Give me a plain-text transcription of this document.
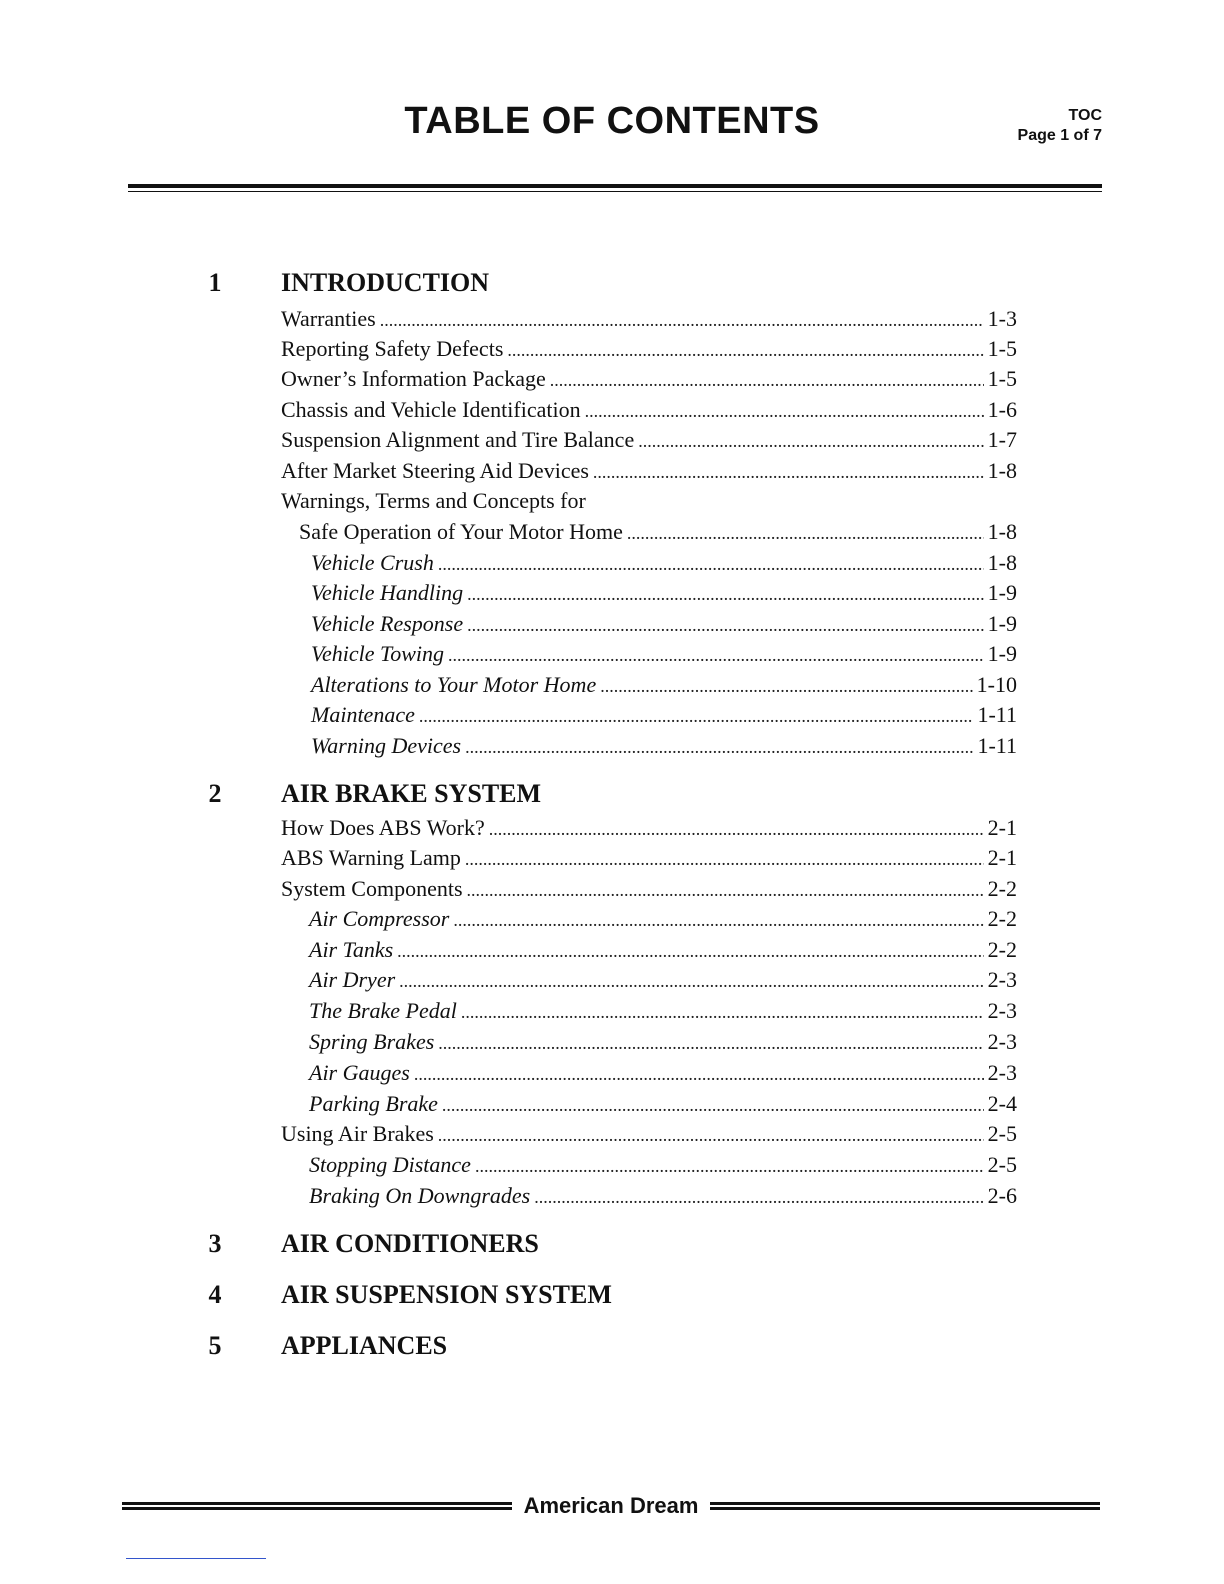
TABLE OF CONTENTS	TOC
Page 1 of 7
1	INTRODUCTION
Warranties .....	1-3
Reporting Safety Defects .....	1-5
Owner’s Information Package .....	1-5
Chassis and Vehicle Identification .....	1-6
Suspension Alignment and Tire Balance .....	1-7
After Market Steering Aid Devices .....	1-8
Warnings, Terms and Concepts for
Safe Operation of Your Motor Home .....	1-8
Vehicle Crush .....	1-8
Vehicle Handling .....	1-9
Vehicle Response .....	1-9
Vehicle Towing .....	1-9
Alterations to Your Motor Home .....	1-10
Maintenace .....	1-11
Warning Devices .....	1-11
2	AIR BRAKE SYSTEM
How Does ABS Work? .....	2-1
ABS Warning Lamp .....	2-1
System Components .....	2-2
Air Compressor .....	2-2
Air Tanks .....	2-2
Air Dryer .....	2-3
The Brake Pedal .....	2-3
Spring Brakes .....	2-3
Air Gauges .....	2-3
Parking Brake .....	2-4
Using Air Brakes .....	2-5
Stopping Distance .....	2-5
Braking On Downgrades .....	2-6
3	AIR CONDITIONERS
4	AIR SUSPENSION SYSTEM
5	APPLIANCES
American Dream
